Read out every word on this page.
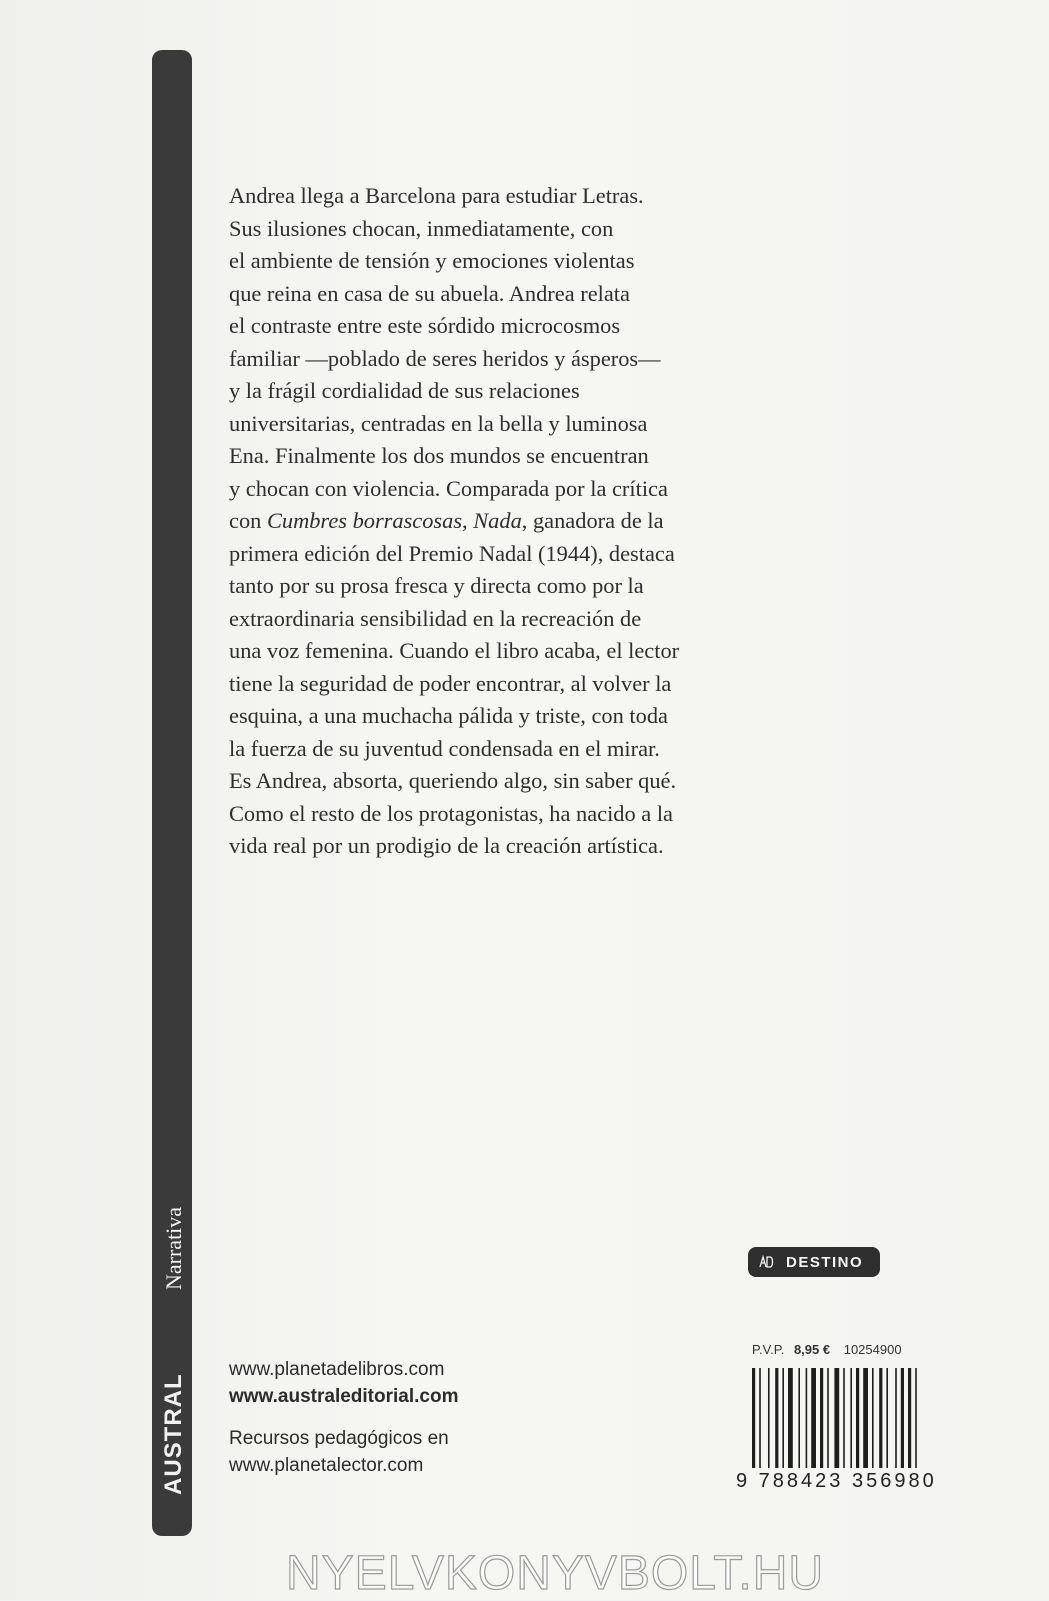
AUSTRAL
Narrativa

Andrea llega a Barcelona para estudiar Letras.
Sus ilusiones chocan, inmediatamente, con
el ambiente de tensión y emociones violentas
que reina en casa de su abuela. Andrea relata
el contraste entre este sórdido microcosmos
familiar —poblado de seres heridos y ásperos—
y la frágil cordialidad de sus relaciones
universitarias, centradas en la bella y luminosa
Ena. Finalmente los dos mundos se encuentran
y chocan con violencia. Comparada por la crítica
con Cumbres borrascosas, Nada, ganadora de la
primera edición del Premio Nadal (1944), destaca
tanto por su prosa fresca y directa como por la
extraordinaria sensibilidad en la recreación de
una voz femenina. Cuando el libro acaba, el lector
tiene la seguridad de poder encontrar, al volver la
esquina, a una muchacha pálida y triste, con toda
la fuerza de su juventud condensada en el mirar.
Es Andrea, absorta, queriendo algo, sin saber qué.
Como el resto de los protagonistas, ha nacido a la
vida real por un prodigio de la creación artística.

DESTINO
www.planetadelibros.com
www.australeditorial.com
Recursos pedagógicos en
www.planetalector.com
P.V.P. 8,95 € 10254900
9 788423 356980
NYELVKONYVBOLT.HU
